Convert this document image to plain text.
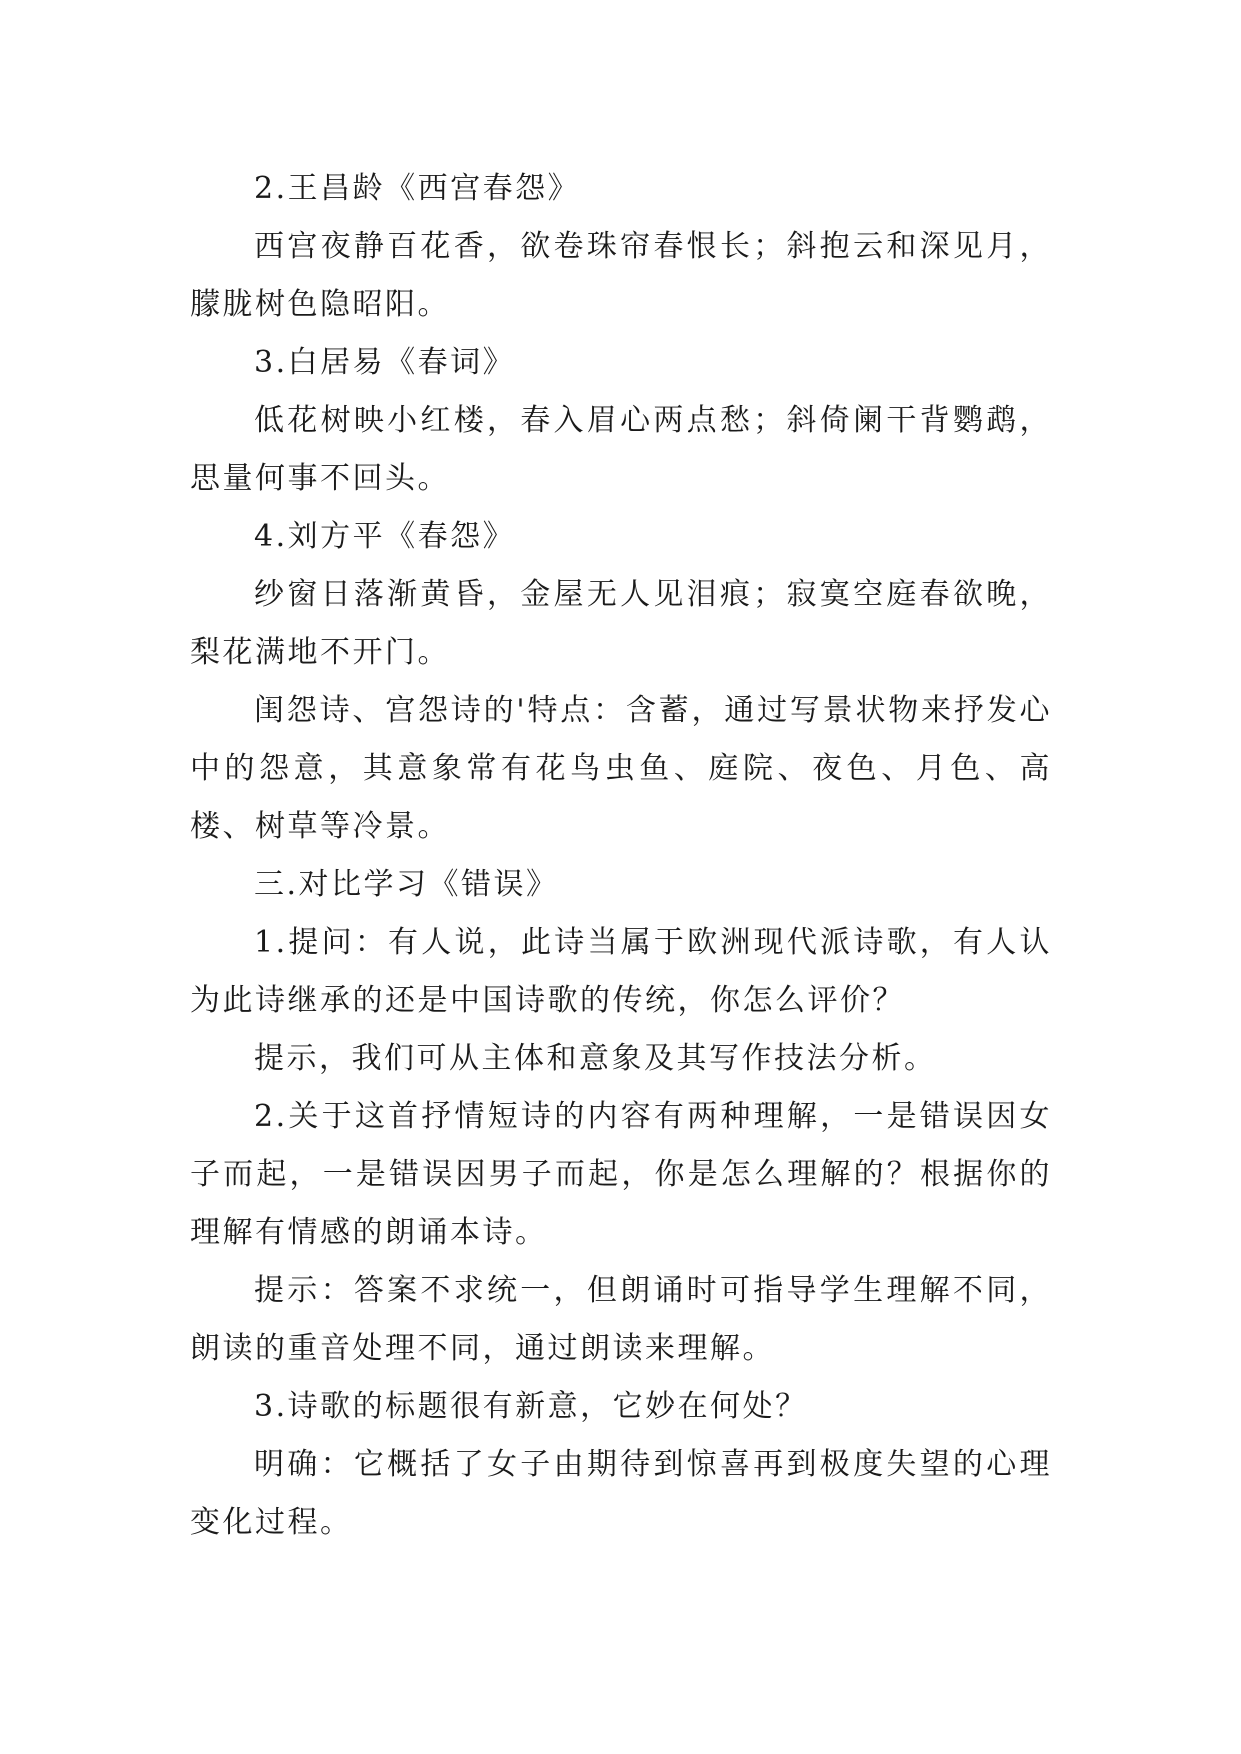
2.王昌龄《西宫春怨》

西宫夜静百花香，欲卷珠帘春恨长；斜抱云和深见月，朦胧树色隐昭阳。

3.白居易《春词》

低花树映小红楼，春入眉心两点愁；斜倚阑干背鹦鹉，思量何事不回头。

4.刘方平《春怨》

纱窗日落渐黄昏，金屋无人见泪痕；寂寞空庭春欲晚，梨花满地不开门。

闺怨诗、宫怨诗的'特点：含蓄，通过写景状物来抒发心中的怨意，其意象常有花鸟虫鱼、庭院、夜色、月色、高楼、树草等冷景。

三.对比学习《错误》

1.提问：有人说，此诗当属于欧洲现代派诗歌，有人认为此诗继承的还是中国诗歌的传统，你怎么评价？

提示，我们可从主体和意象及其写作技法分析。

2.关于这首抒情短诗的内容有两种理解，一是错误因女子而起，一是错误因男子而起，你是怎么理解的？根据你的理解有情感的朗诵本诗。

提示：答案不求统一，但朗诵时可指导学生理解不同，朗读的重音处理不同，通过朗读来理解。

3.诗歌的标题很有新意，它妙在何处？

明确：它概括了女子由期待到惊喜再到极度失望的心理变化过程。
